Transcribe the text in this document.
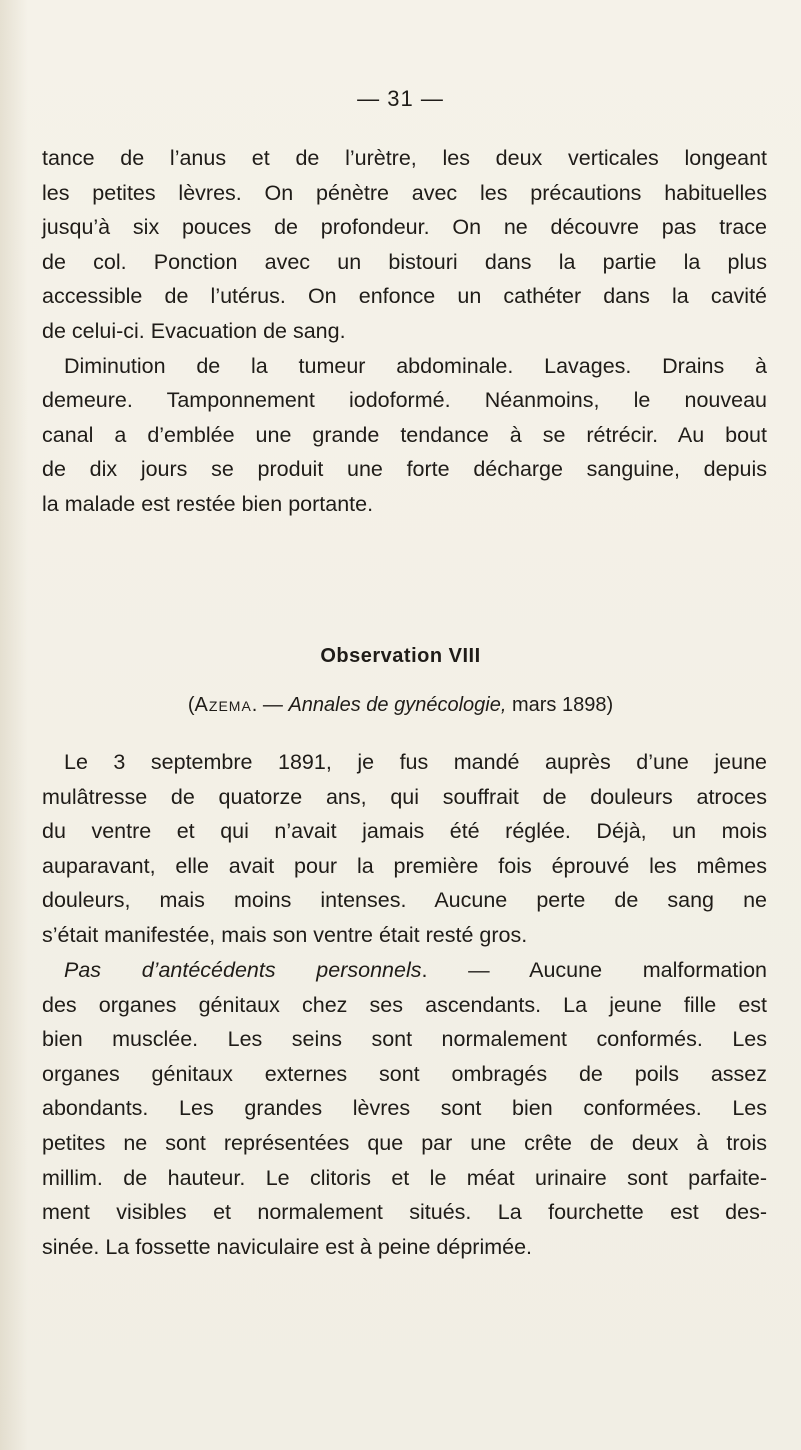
— 31 —
tance de l’anus et de l’urètre, les deux verticales longeant
les petites lèvres. On pénètre avec les précautions habituelles
jusqu’à six pouces de profondeur. On ne découvre pas trace
de col. Ponction avec un bistouri dans la partie la plus
accessible de l’utérus. On enfonce un cathéter dans la cavité
de celui-ci. Evacuation de sang.
Diminution de la tumeur abdominale. Lavages. Drains à
demeure. Tamponnement iodoformé. Néanmoins, le nouveau
canal a d’emblée une grande tendance à se rétrécir. Au bout
de dix jours se produit une forte décharge sanguine, depuis
la malade est restée bien portante.
Observation VIII
(Azema. — Annales de gynécologie, mars 1898)
Le 3 septembre 1891, je fus mandé auprès d’une jeune
mulâtresse de quatorze ans, qui souffrait de douleurs atroces
du ventre et qui n’avait jamais été réglée. Déjà, un mois
auparavant, elle avait pour la première fois éprouvé les mêmes
douleurs, mais moins intenses. Aucune perte de sang ne
s’était manifestée, mais son ventre était resté gros.
Pas d’antécédents personnels. — Aucune malformation
des organes génitaux chez ses ascendants. La jeune fille est
bien musclée. Les seins sont normalement conformés. Les
organes génitaux externes sont ombragés de poils assez
abondants. Les grandes lèvres sont bien conformées. Les
petites ne sont représentées que par une crête de deux à trois
millim. de hauteur. Le clitoris et le méat urinaire sont parfaite-
ment visibles et normalement situés. La fourchette est des-
sinée. La fossette naviculaire est à peine déprimée.
